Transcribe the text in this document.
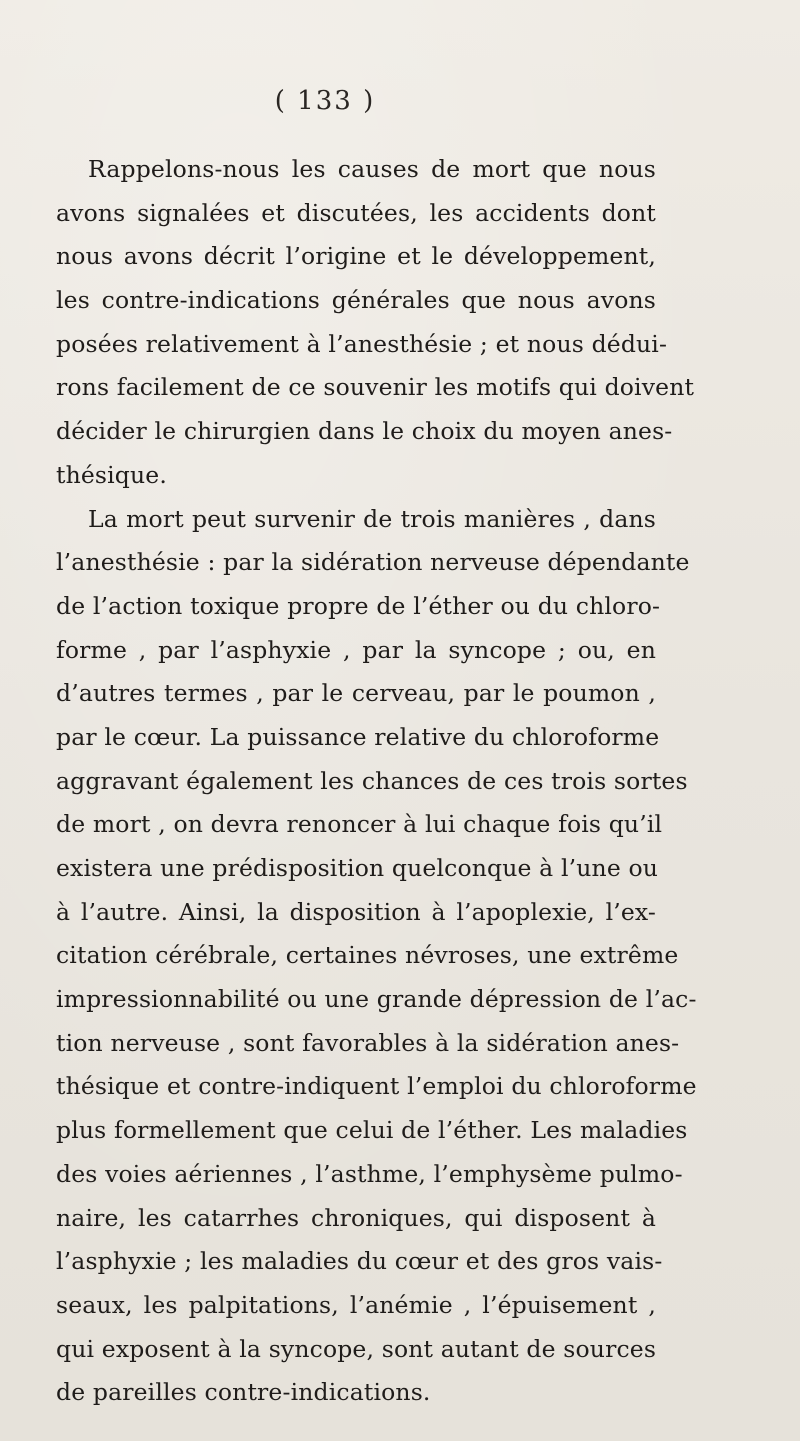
( 133 )
Rappelons-nous les causes de mort que nous
avons signalées et discutées, les accidents dont
nous avons décrit l’origine et le développement,
les contre-indications générales que nous avons
posées relativement à l’anesthésie ; et nous dédui-
rons facilement de ce souvenir les motifs qui doivent
décider le chirurgien dans le choix du moyen anes-
thésique.
La mort peut survenir de trois manières , dans
l’anesthésie : par la sidération nerveuse dépendante
de l’action toxique propre de l’éther ou du chloro-
forme , par l’asphyxie , par la syncope ; ou, en
d’autres termes , par le cerveau, par le poumon ,
par le cœur. La puissance relative du chloroforme
aggravant également les chances de ces trois sortes
de mort , on devra renoncer à lui chaque fois qu’il
existera une prédisposition quelconque à l’une ou
à l’autre. Ainsi, la disposition à l’apoplexie, l’ex-
citation cérébrale, certaines névroses, une extrême
impressionnabilité ou une grande dépression de l’ac-
tion nerveuse , sont favorables à la sidération anes-
thésique et contre-indiquent l’emploi du chloroforme
plus formellement que celui de l’éther. Les maladies
des voies aériennes , l’asthme, l’emphysème pulmo-
naire, les catarrhes chroniques, qui disposent à
l’asphyxie ; les maladies du cœur et des gros vais-
seaux, les palpitations, l’anémie , l’épuisement ,
qui exposent à la syncope, sont autant de sources
de pareilles contre-indications.
